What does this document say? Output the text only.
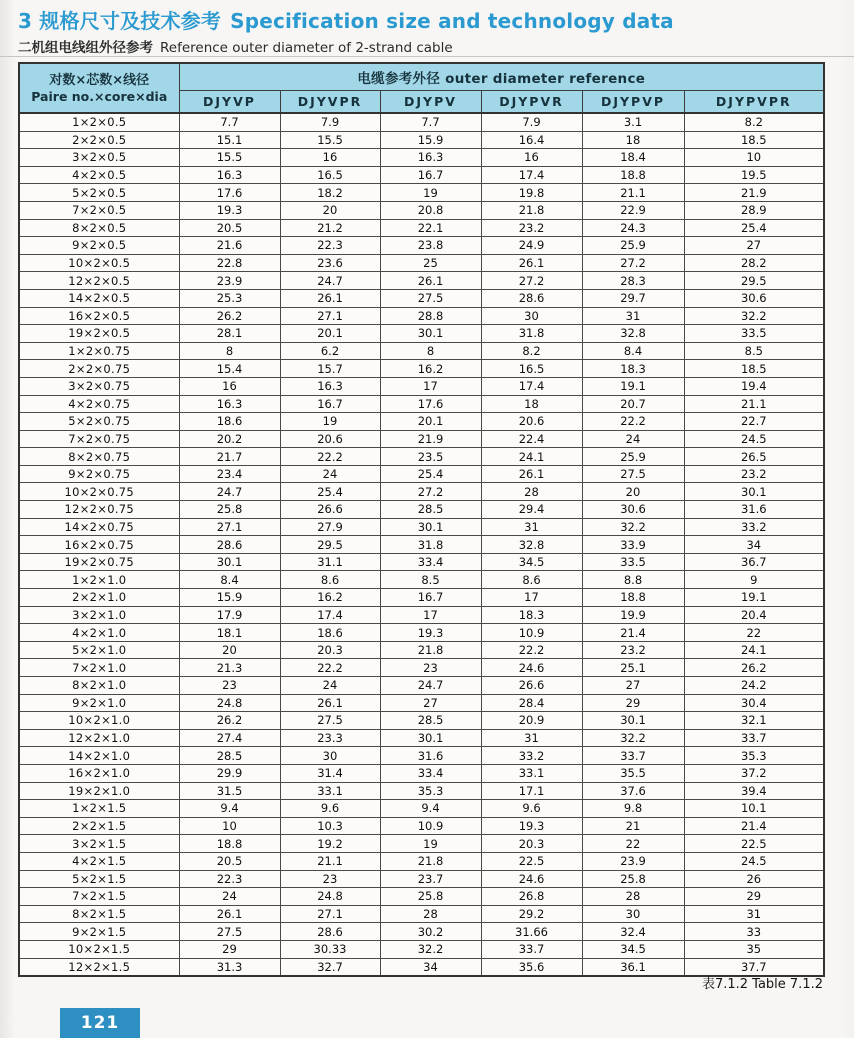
3 规格尺寸及技术参考 Specification size and technology data
二机组电线组外径参考 Reference outer diameter of 2-strand cable
对数×芯数×线径
Paire no.×core×dia	电缆参考外径 outer diameter reference					
	DJYVP	DJYVPR	DJYPV	DJYPVR	DJYPVP	DJYPVPR
1×2×0.5	7.7	7.9	7.7	7.9	3.1	8.2
2×2×0.5	15.1	15.5	15.9	16.4	18	18.5
3×2×0.5	15.5	16	16.3	16	18.4	10
4×2×0.5	16.3	16.5	16.7	17.4	18.8	19.5
5×2×0.5	17.6	18.2	19	19.8	21.1	21.9
7×2×0.5	19.3	20	20.8	21.8	22.9	28.9
8×2×0.5	20.5	21.2	22.1	23.2	24.3	25.4
9×2×0.5	21.6	22.3	23.8	24.9	25.9	27
10×2×0.5	22.8	23.6	25	26.1	27.2	28.2
12×2×0.5	23.9	24.7	26.1	27.2	28.3	29.5
14×2×0.5	25.3	26.1	27.5	28.6	29.7	30.6
16×2×0.5	26.2	27.1	28.8	30	31	32.2
19×2×0.5	28.1	20.1	30.1	31.8	32.8	33.5
1×2×0.75	8	6.2	8	8.2	8.4	8.5
2×2×0.75	15.4	15.7	16.2	16.5	18.3	18.5
3×2×0.75	16	16.3	17	17.4	19.1	19.4
4×2×0.75	16.3	16.7	17.6	18	20.7	21.1
5×2×0.75	18.6	19	20.1	20.6	22.2	22.7
7×2×0.75	20.2	20.6	21.9	22.4	24	24.5
8×2×0.75	21.7	22.2	23.5	24.1	25.9	26.5
9×2×0.75	23.4	24	25.4	26.1	27.5	23.2
10×2×0.75	24.7	25.4	27.2	28	20	30.1
12×2×0.75	25.8	26.6	28.5	29.4	30.6	31.6
14×2×0.75	27.1	27.9	30.1	31	32.2	33.2
16×2×0.75	28.6	29.5	31.8	32.8	33.9	34
19×2×0.75	30.1	31.1	33.4	34.5	33.5	36.7
1×2×1.0	8.4	8.6	8.5	8.6	8.8	9
2×2×1.0	15.9	16.2	16.7	17	18.8	19.1
3×2×1.0	17.9	17.4	17	18.3	19.9	20.4
4×2×1.0	18.1	18.6	19.3	10.9	21.4	22
5×2×1.0	20	20.3	21.8	22.2	23.2	24.1
7×2×1.0	21.3	22.2	23	24.6	25.1	26.2
8×2×1.0	23	24	24.7	26.6	27	24.2
9×2×1.0	24.8	26.1	27	28.4	29	30.4
10×2×1.0	26.2	27.5	28.5	20.9	30.1	32.1
12×2×1.0	27.4	23.3	30.1	31	32.2	33.7
14×2×1.0	28.5	30	31.6	33.2	33.7	35.3
16×2×1.0	29.9	31.4	33.4	33.1	35.5	37.2
19×2×1.0	31.5	33.1	35.3	17.1	37.6	39.4
1×2×1.5	9.4	9.6	9.4	9.6	9.8	10.1
2×2×1.5	10	10.3	10.9	19.3	21	21.4
3×2×1.5	18.8	19.2	19	20.3	22	22.5
4×2×1.5	20.5	21.1	21.8	22.5	23.9	24.5
5×2×1.5	22.3	23	23.7	24.6	25.8	26
7×2×1.5	24	24.8	25.8	26.8	28	29
8×2×1.5	26.1	27.1	28	29.2	30	31
9×2×1.5	27.5	28.6	30.2	31.66	32.4	33
10×2×1.5	29	30.33	32.2	33.7	34.5	35
12×2×1.5	31.3	32.7	34	35.6	36.1	37.7
表7.1.2 Table 7.1.2
121
